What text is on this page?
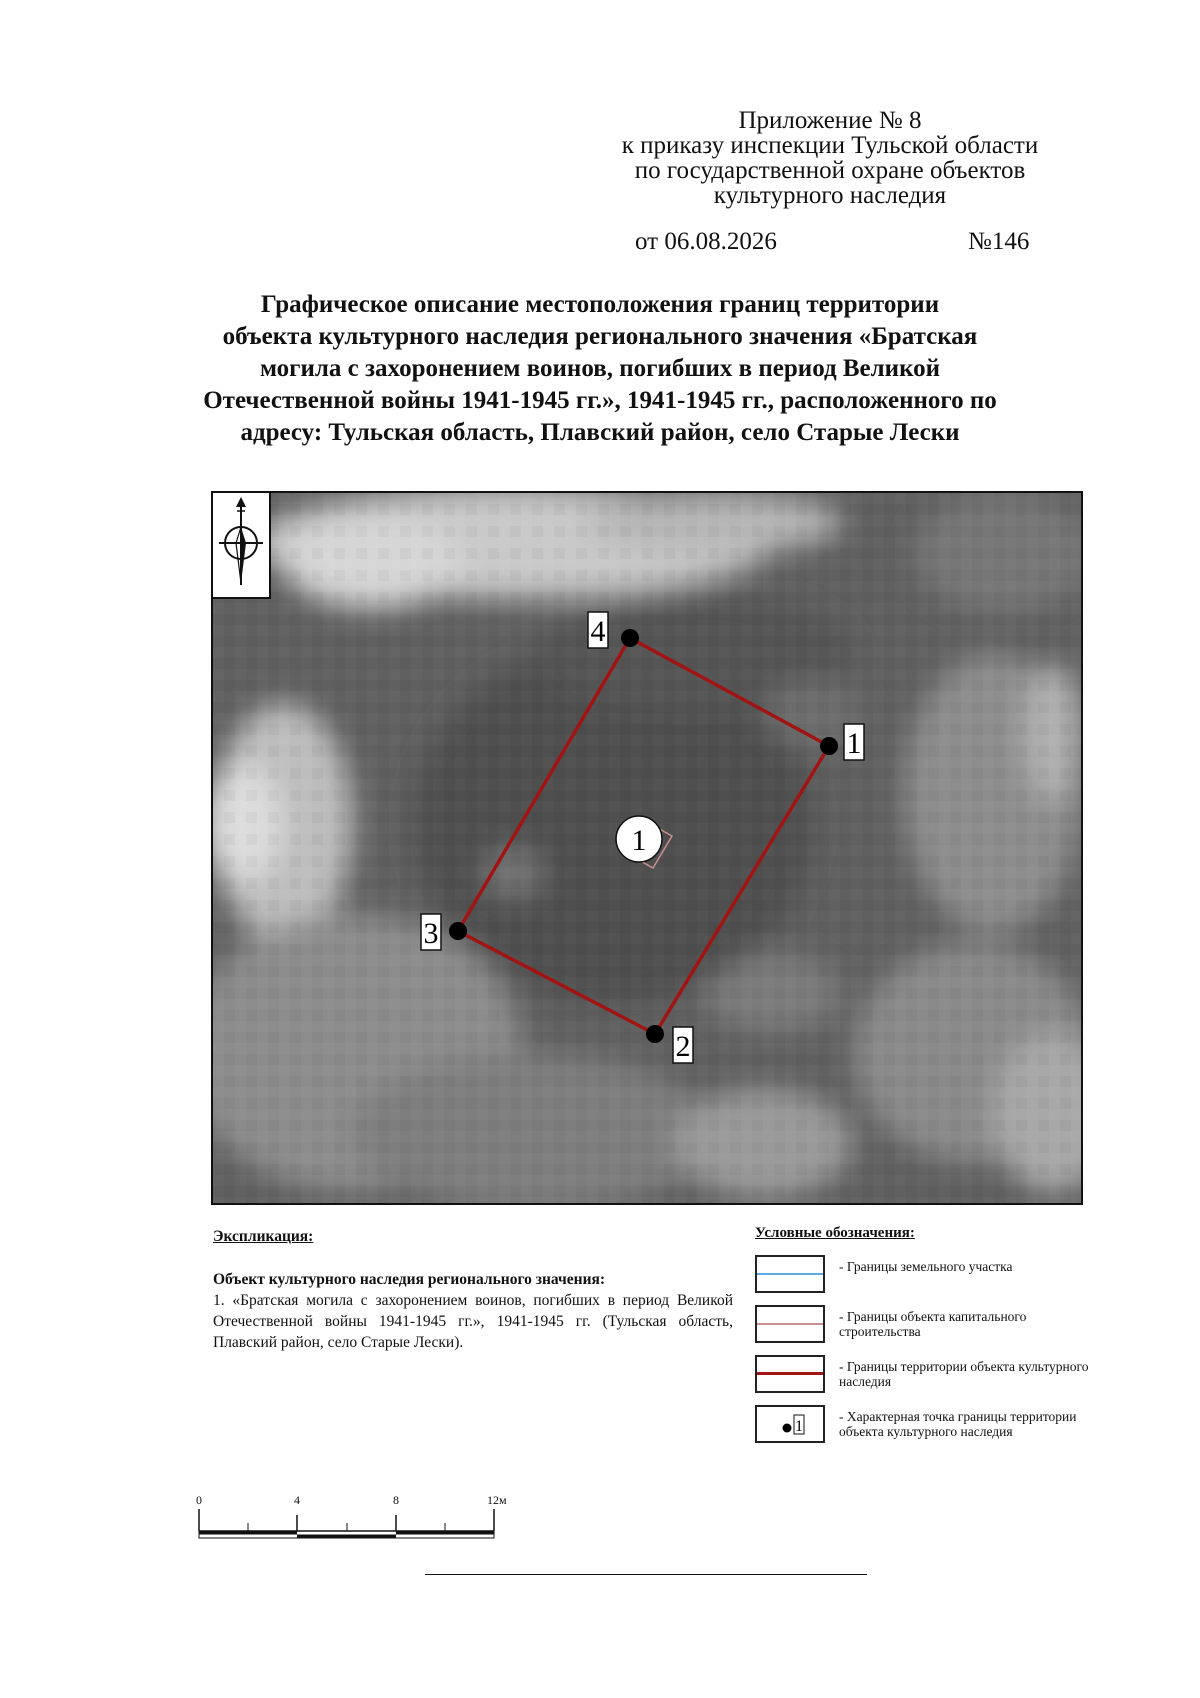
Приложение № 8
к приказу инспекции Тульской области
по государственной охране объектов
культурного наследия
от 06.08.2026	№146
Графическое описание местоположения границ территории
объекта культурного наследия регионального значения «Братская
могила с захоронением воинов, погибших в период Великой
Отечественной войны 1941-1945 гг.», 1941-1945 гг., расположенного по
адресу: Тульская область, Плавский район, село Старые Лески
1
2
3
4
1
Экспликация:
Объект культурного наследия регионального значения:
1. «Братская могила с захоронением воинов, погибших в период Великой Отечественной войны 1941-1945 гг.», 1941-1945 гг. (Тульская область, Плавский район, село Старые Лески).
Условные обозначения:
- Границы земельного участка
- Границы объекта капитального строительства
- Границы территории объекта культурного наследия
1
- Характерная точка границы территории объекта культурного наследия
0	4	8	12м
